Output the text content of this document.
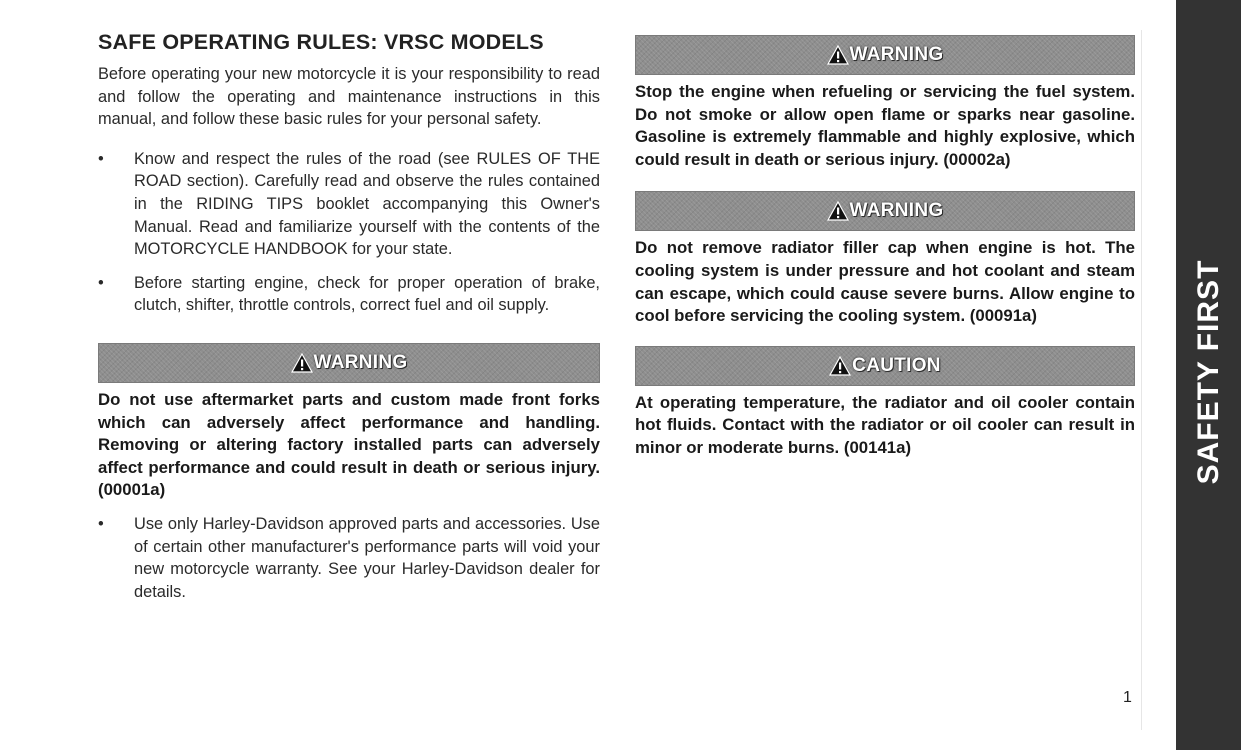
SAFE OPERATING RULES: VRSC MODELS

Before operating your new motorcycle it is your responsibility to read and follow the operating and maintenance instructions in this manual, and follow these basic rules for your personal safety.

• Know and respect the rules of the road (see RULES OF THE ROAD section). Carefully read and observe the rules contained in the RIDING TIPS booklet accompanying this Owner's Manual. Read and familiarize yourself with the contents of the MOTORCYCLE HANDBOOK for your state.
• Before starting engine, check for proper operation of brake, clutch, shifter, throttle controls, correct fuel and oil supply.
WARNING

Do not use aftermarket parts and custom made front forks which can adversely affect performance and handling. Removing or altering factory installed parts can adversely affect performance and could result in death or serious injury. (00001a)

• Use only Harley-Davidson approved parts and accessories. Use of certain other manufacturer's performance parts will void your new motorcycle warranty. See your Harley-Davidson dealer for details.
WARNING

Stop the engine when refueling or servicing the fuel system. Do not smoke or allow open flame or sparks near gasoline. Gasoline is extremely flammable and highly explosive, which could result in death or serious injury. (00002a)

WARNING

Do not remove radiator filler cap when engine is hot. The cooling system is under pressure and hot coolant and steam can escape, which could cause severe burns. Allow engine to cool before servicing the cooling system. (00091a)

CAUTION

At operating temperature, the radiator and oil cooler contain hot fluids. Contact with the radiator or oil cooler can result in minor or moderate burns. (00141a)	SAFETY FIRST
1
